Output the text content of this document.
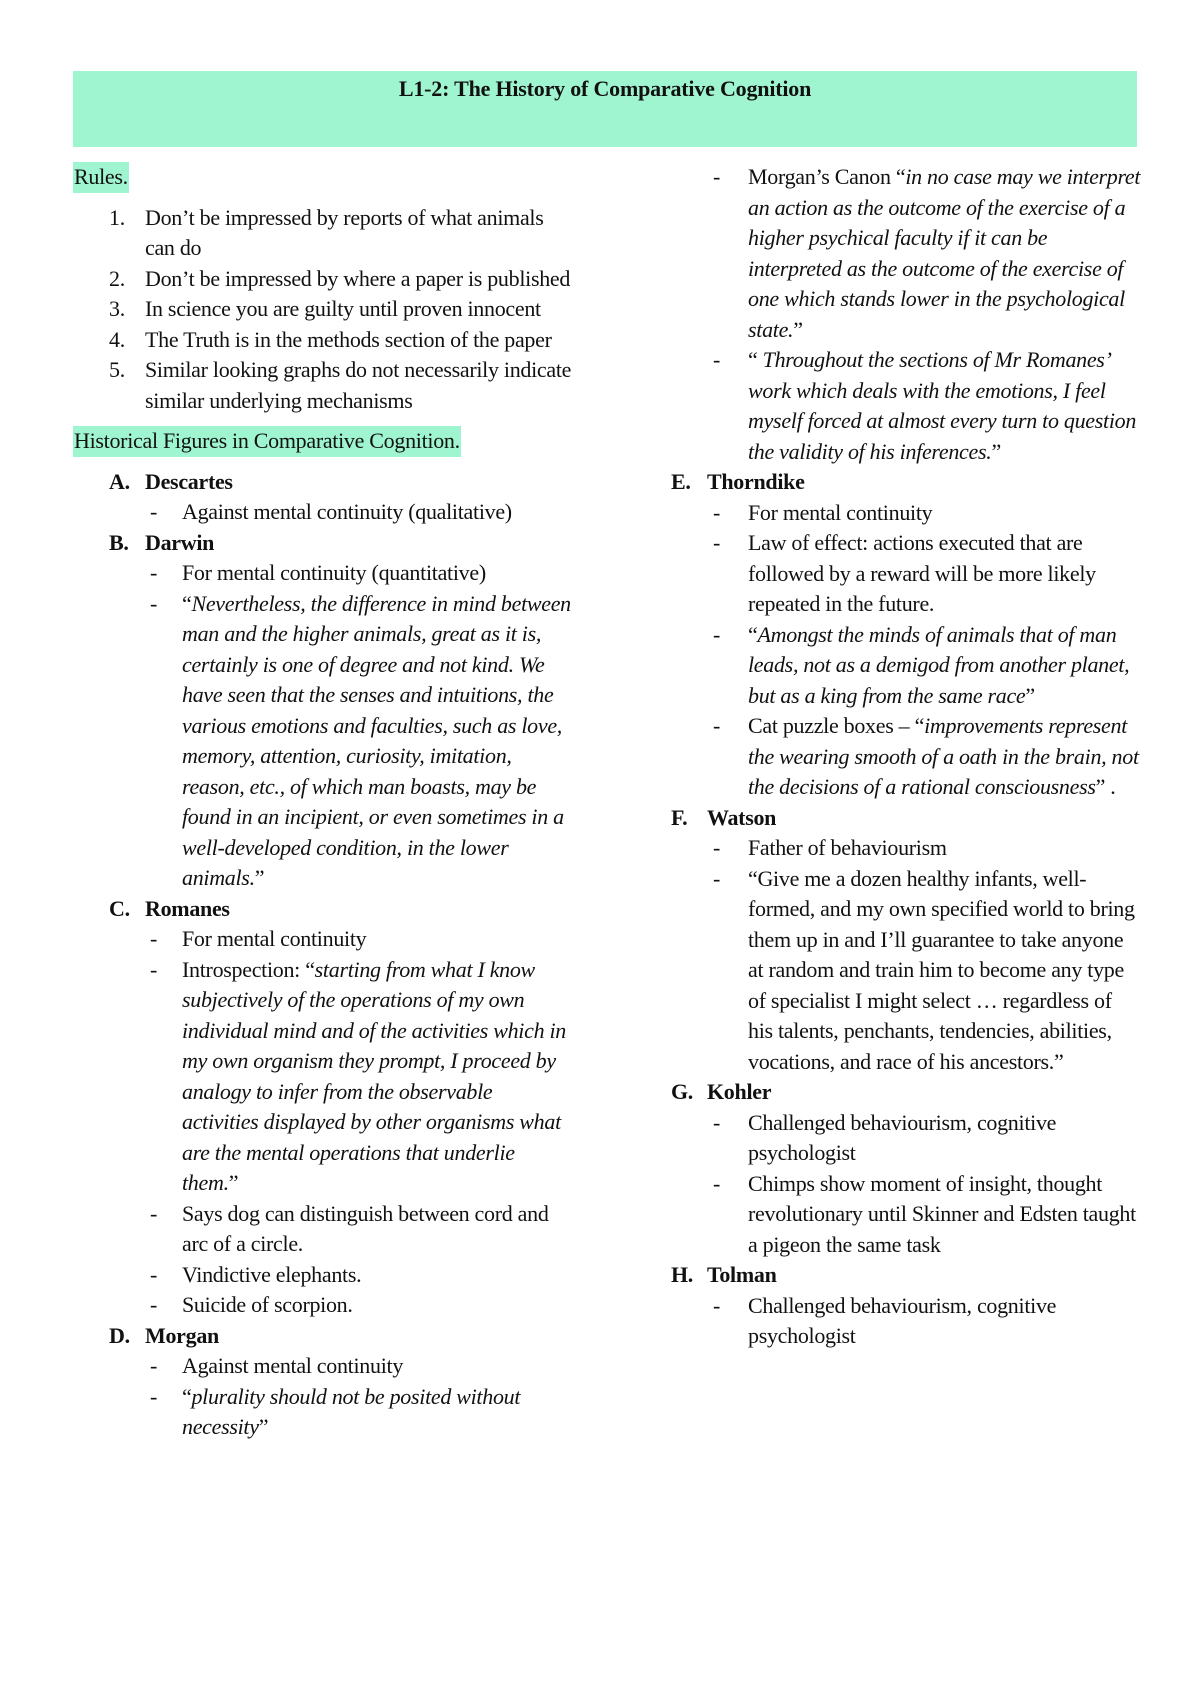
L1-2: The History of Comparative Cognition
Rules.
1. Don’t be impressed by reports of what animals can do
2. Don’t be impressed by where a paper is published
3. In science you are guilty until proven innocent
4. The Truth is in the methods section of the paper
5. Similar looking graphs do not necessarily indicate similar underlying mechanisms
Historical Figures in Comparative Cognition.
A. Descartes
- Against mental continuity (qualitative)
B. Darwin
- For mental continuity (quantitative)
- “Nevertheless, the difference in mind between man and the higher animals, great as it is, certainly is one of degree and not kind. We have seen that the senses and intuitions, the various emotions and faculties, such as love, memory, attention, curiosity, imitation, reason, etc., of which man boasts, may be found in an incipient, or even sometimes in a well-developed condition, in the lower animals.”
C. Romanes
- For mental continuity
- Introspection: “starting from what I know subjectively of the operations of my own individual mind and of the activities which in my own organism they prompt, I proceed by analogy to infer from the observable activities displayed by other organisms what are the mental operations that underlie them.”
- Says dog can distinguish between cord and arc of a circle.
- Vindictive elephants.
- Suicide of scorpion.
D. Morgan
- Against mental continuity
- “plurality should not be posited without necessity”
- Morgan’s Canon “in no case may we interpret an action as the outcome of the exercise of a higher psychical faculty if it can be interpreted as the outcome of the exercise of one which stands lower in the psychological state.”
- “ Throughout the sections of Mr Romanes’ work which deals with the emotions, I feel myself forced at almost every turn to question the validity of his inferences.”
E. Thorndike
- For mental continuity
- Law of effect: actions executed that are followed by a reward will be more likely repeated in the future.
- “Amongst the minds of animals that of man leads, not as a demigod from another planet, but as a king from the same race”
- Cat puzzle boxes – “improvements represent the wearing smooth of a oath in the brain, not the decisions of a rational consciousness” .
F. Watson
- Father of behaviourism
- “Give me a dozen healthy infants, well-formed, and my own specified world to bring them up in and I’ll guarantee to take anyone at random and train him to become any type of specialist I might select … regardless of his talents, penchants, tendencies, abilities, vocations, and race of his ancestors.”
G. Kohler
- Challenged behaviourism, cognitive psychologist
- Chimps show moment of insight, thought revolutionary until Skinner and Edsten taught a pigeon the same task
H. Tolman
- Challenged behaviourism, cognitive psychologist
